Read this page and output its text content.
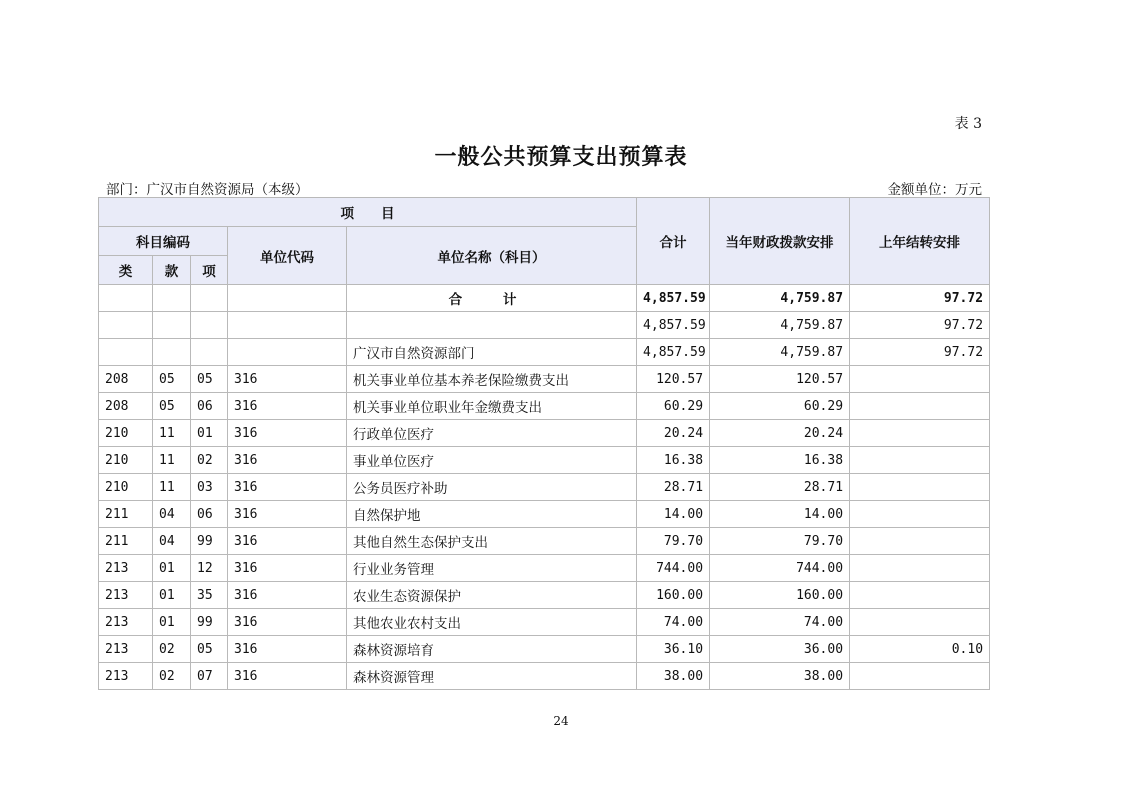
表 3
一般公共预算支出预算表
部门：广汉市自然资源局（本级）	金额单位：万元
项　　目					合计	当年财政拨款安排	上年结转安排
科目编码			单位代码	单位名称（科目）			
类	款	项					
				合 计	4,857.59	4,759.87	97.72
					4,857.59	4,759.87	97.72
				广汉市自然资源部门	4,857.59	4,759.87	97.72
208	05	05	316	机关事业单位基本养老保险缴费支出	120.57	120.57	
208	05	06	316	机关事业单位职业年金缴费支出	60.29	60.29	
210	11	01	316	行政单位医疗	20.24	20.24	
210	11	02	316	事业单位医疗	16.38	16.38	
210	11	03	316	公务员医疗补助	28.71	28.71	
211	04	06	316	自然保护地	14.00	14.00	
211	04	99	316	其他自然生态保护支出	79.70	79.70	
213	01	12	316	行业业务管理	744.00	744.00	
213	01	35	316	农业生态资源保护	160.00	160.00	
213	01	99	316	其他农业农村支出	74.00	74.00	
213	02	05	316	森林资源培育	36.10	36.00	0.10
213	02	07	316	森林资源管理	38.00	38.00	
24
